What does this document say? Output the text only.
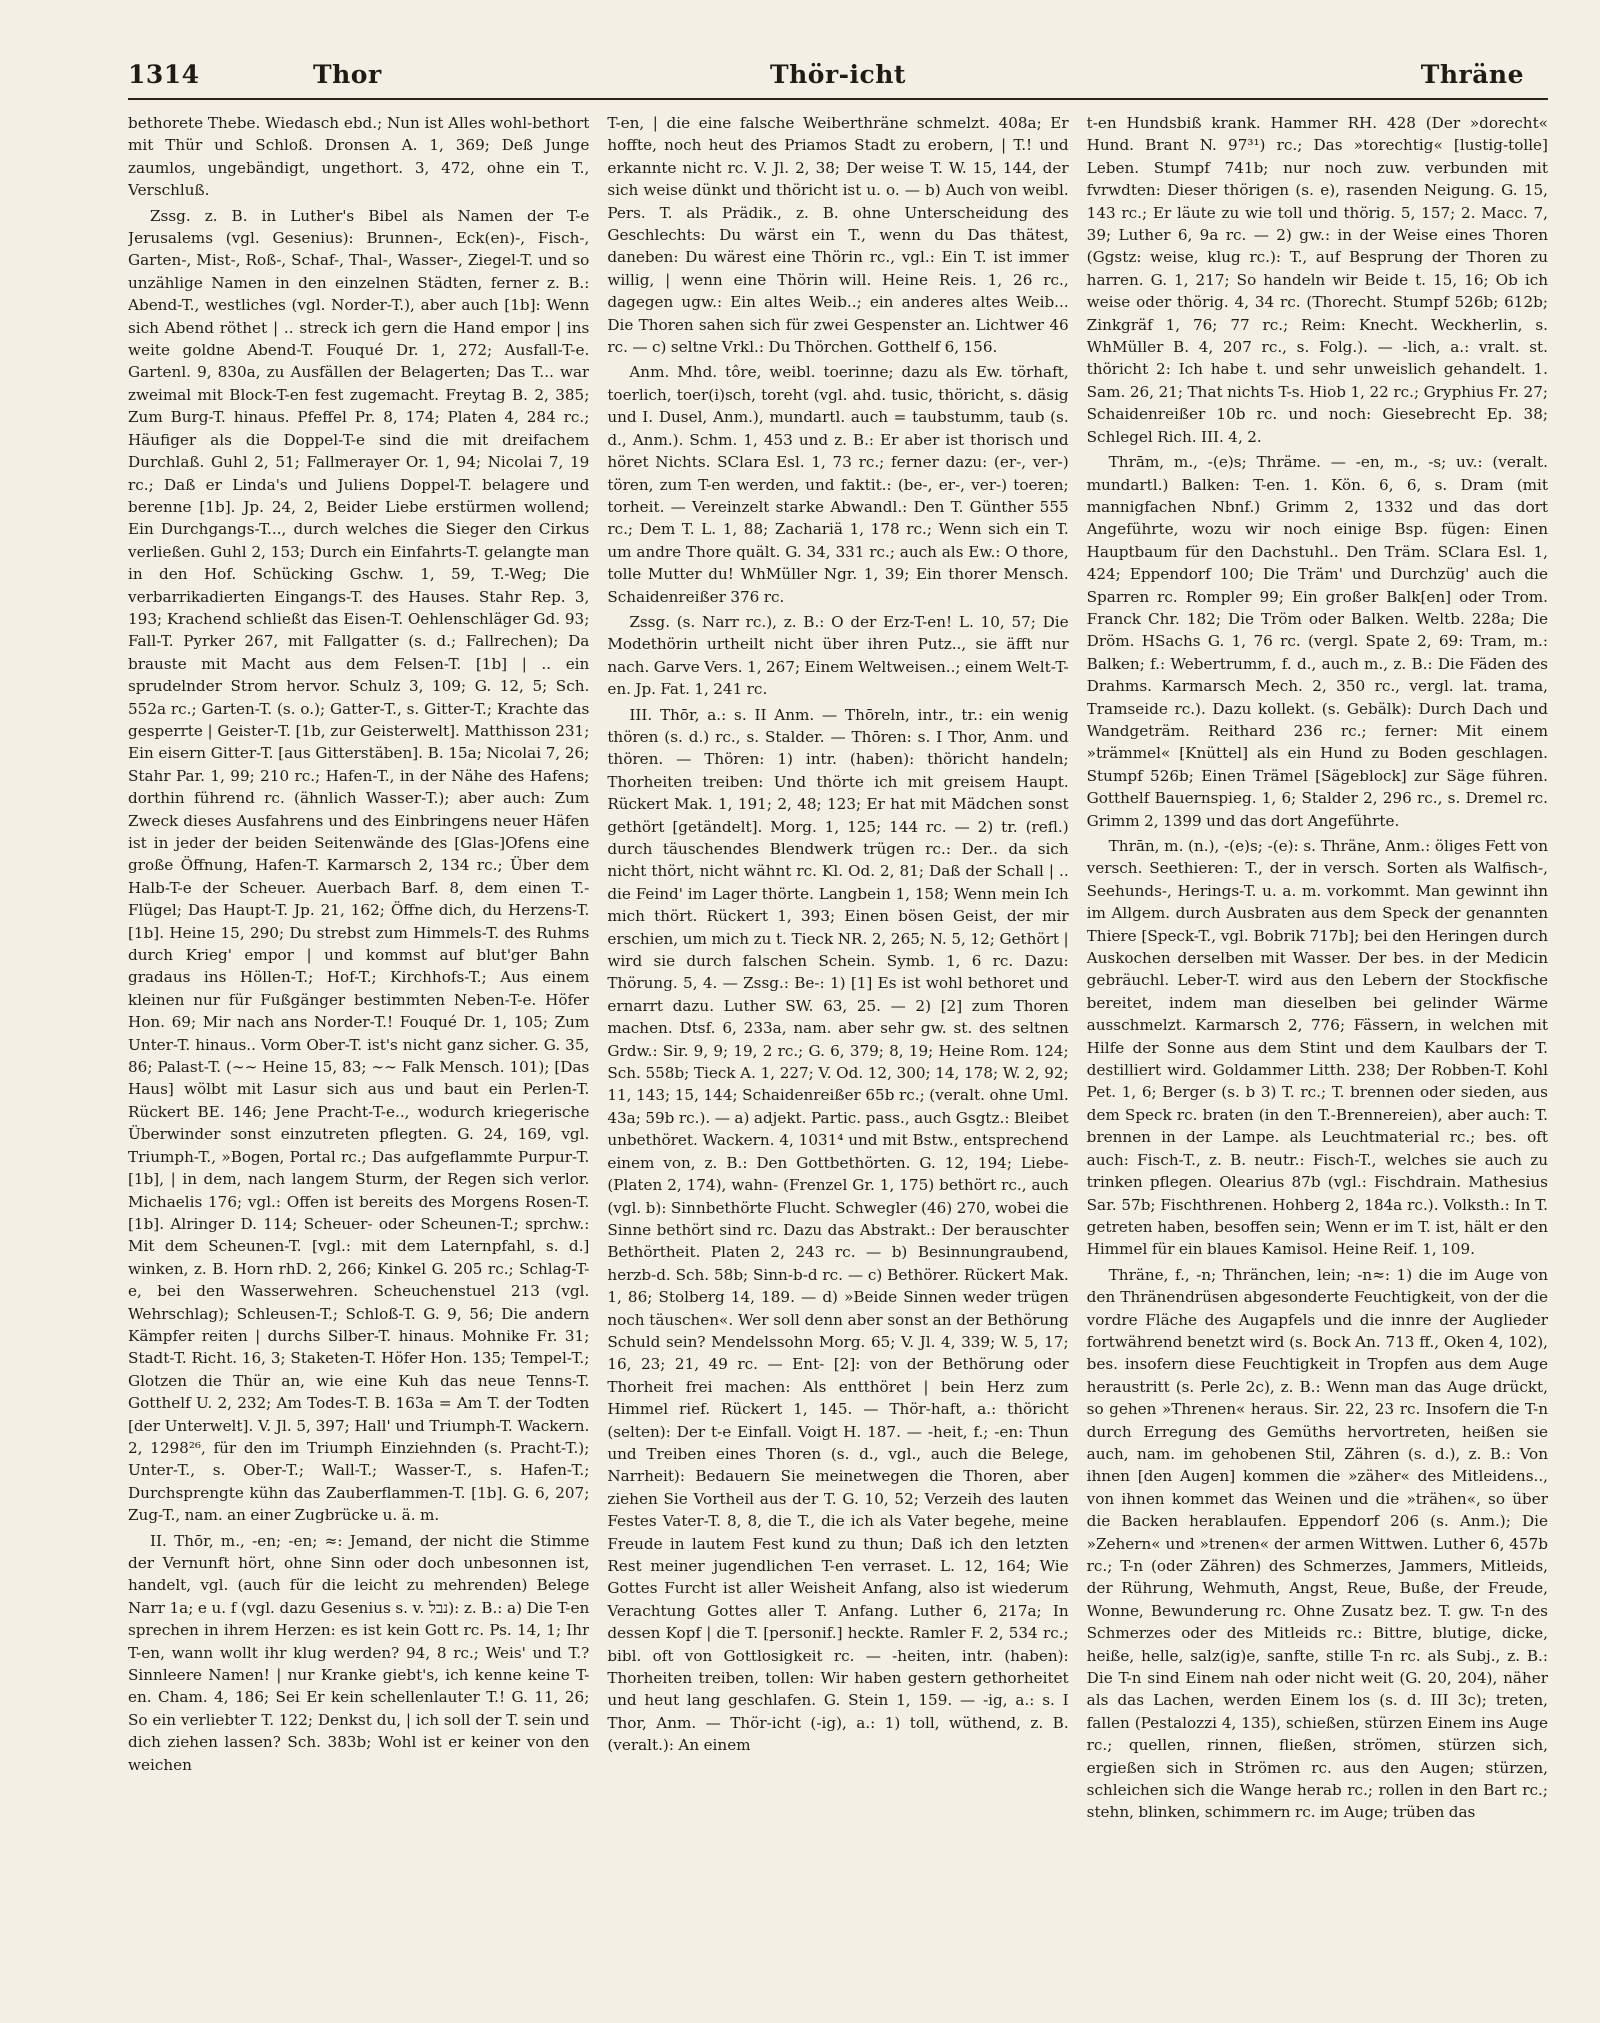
1314	Thor	Thör-icht	Thräne

bethorete Thebe. Wiedasch ebd.; Nun ist Alles wohl-bethort mit Thür und Schloß. Dronsen A. 1, 369; Deß Junge zaumlos, ungebändigt, ungethort. 3, 472, ohne ein T., Verschluß.

Zssg. z. B. in Luther's Bibel als Namen der T-e Jerusalems (vgl. Gesenius): Brunnen-, Eck(en)-, Fisch-, Garten-, Mist-, Roß-, Schaf-, Thal-, Wasser-, Ziegel-T. und so unzählige Namen in den einzelnen Städten, ferner z. B.: Abend-T., westliches (vgl. Norder-T.), aber auch [1b]: Wenn sich Abend röthet | .. streck ich gern die Hand empor | ins weite goldne Abend-T. Fouqué Dr. 1, 272; Ausfall-T-e. Gartenl. 9, 830a, zu Ausfällen der Belagerten; Das T... war zweimal mit Block-T-en fest zugemacht. Freytag B. 2, 385; Zum Burg-T. hinaus. Pfeffel Pr. 8, 174; Platen 4, 284 rc.; Häufiger als die Doppel-T-e sind die mit dreifachem Durchlaß. Guhl 2, 51; Fallmerayer Or. 1, 94; Nicolai 7, 19 rc.; Daß er Linda's und Juliens Doppel-T. belagere und berenne [1b]. Jp. 24, 2, Beider Liebe erstürmen wollend; Ein Durchgangs-T..., durch welches die Sieger den Cirkus verließen. Guhl 2, 153; Durch ein Einfahrts-T. gelangte man in den Hof. Schücking Gschw. 1, 59, T.-Weg; Die verbarrikadierten Eingangs-T. des Hauses. Stahr Rep. 3, 193; Krachend schließt das Eisen-T. Oehlenschläger Gd. 93; Fall-T. Pyrker 267, mit Fallgatter (s. d.; Fallrechen); Da brauste mit Macht aus dem Felsen-T. [1b] | .. ein sprudelnder Strom hervor. Schulz 3, 109; G. 12, 5; Sch. 552a rc.; Garten-T. (s. o.); Gatter-T., s. Gitter-T.; Krachte das gesperrte | Geister-T. [1b, zur Geisterwelt]. Matthisson 231; Ein eisern Gitter-T. [aus Gitterstäben]. B. 15a; Nicolai 7, 26; Stahr Par. 1, 99; 210 rc.; Hafen-T., in der Nähe des Hafens; dorthin führend rc. (ähnlich Wasser-T.); aber auch: Zum Zweck dieses Ausfahrens und des Einbringens neuer Häfen ist in jeder der beiden Seitenwände des [Glas-]Ofens eine große Öffnung, Hafen-T. Karmarsch 2, 134 rc.; Über dem Halb-T-e der Scheuer. Auerbach Barf. 8, dem einen T.-Flügel; Das Haupt-T. Jp. 21, 162; Öffne dich, du Herzens-T. [1b]. Heine 15, 290; Du strebst zum Himmels-T. des Ruhms durch Krieg' empor | und kommst auf blut'ger Bahn gradaus ins Höllen-T.; Hof-T.; Kirchhofs-T.; Aus einem kleinen nur für Fußgänger bestimmten Neben-T-e. Höfer Hon. 69; Mir nach ans Norder-T.! Fouqué Dr. 1, 105; Zum Unter-T. hinaus.. Vorm Ober-T. ist's nicht ganz sicher. G. 35, 86; Palast-T. (∼∼ Heine 15, 83; ∼∼ Falk Mensch. 101); [Das Haus] wölbt mit Lasur sich aus und baut ein Perlen-T. Rückert BE. 146; Jene Pracht-T-e.., wodurch kriegerische Überwinder sonst einzutreten pflegten. G. 24, 169, vgl. Triumph-T., »Bogen, Portal rc.; Das aufgeflammte Purpur-T. [1b], | in dem, nach langem Sturm, der Regen sich verlor. Michaelis 176; vgl.: Offen ist bereits des Morgens Rosen-T. [1b]. Alringer D. 114; Scheuer- oder Scheunen-T.; sprchw.: Mit dem Scheunen-T. [vgl.: mit dem Laternpfahl, s. d.] winken, z. B. Horn rhD. 2, 266; Kinkel G. 205 rc.; Schlag-T-e, bei den Wasserwehren. Scheuchenstuel 213 (vgl. Wehrschlag); Schleusen-T.; Schloß-T. G. 9, 56; Die andern Kämpfer reiten | durchs Silber-T. hinaus. Mohnike Fr. 31; Stadt-T. Richt. 16, 3; Staketen-T. Höfer Hon. 135; Tempel-T.; Glotzen die Thür an, wie eine Kuh das neue Tenns-T. Gotthelf U. 2, 232; Am Todes-T. B. 163a = Am T. der Todten [der Unterwelt]. V. Jl. 5, 397; Hall' und Triumph-T. Wackern. 2, 1298²⁶, für den im Triumph Einziehnden (s. Pracht-T.); Unter-T., s. Ober-T.; Wall-T.; Wasser-T., s. Hafen-T.; Durchsprengte kühn das Zauberflammen-T. [1b]. G. 6, 207; Zug-T., nam. an einer Zugbrücke u. ä. m.

II. Thōr, m., -en; -en; ≈: Jemand, der nicht die Stimme der Vernunft hört, ohne Sinn oder doch unbesonnen ist, handelt, vgl. (auch für die leicht zu mehrenden) Belege Narr 1a; e u. f (vgl. dazu Gesenius s. v. נבל): z. B.: a) Die T-en sprechen in ihrem Herzen: es ist kein Gott rc. Ps. 14, 1; Ihr T-en, wann wollt ihr klug werden? 94, 8 rc.; Weis' und T.? Sinnleere Namen! | nur Kranke giebt's, ich kenne keine T-en. Cham. 4, 186; Sei Er kein schellenlauter T.! G. 11, 26; So ein verliebter T. 122; Denkst du, | ich soll der T. sein und dich ziehen lassen? Sch. 383b; Wohl ist er keiner von den weichen

T-en, | die eine falsche Weiberthräne schmelzt. 408a; Er hoffte, noch heut des Priamos Stadt zu erobern, | T.! und erkannte nicht rc. V. Jl. 2, 38; Der weise T. W. 15, 144, der sich weise dünkt und thöricht ist u. o. — b) Auch von weibl. Pers. T. als Prädik., z. B. ohne Unterscheidung des Geschlechts: Du wärst ein T., wenn du Das thätest, daneben: Du wärest eine Thörin rc., vgl.: Ein T. ist immer willig, | wenn eine Thörin will. Heine Reis. 1, 26 rc., dagegen ugw.: Ein altes Weib..; ein anderes altes Weib... Die Thoren sahen sich für zwei Gespenster an. Lichtwer 46 rc. — c) seltne Vrkl.: Du Thörchen. Gotthelf 6, 156.

Anm. Mhd. tôre, weibl. toerinne; dazu als Ew. törhaft, toerlich, toer(i)sch, toreht (vgl. ahd. tusic, thöricht, s. däsig und I. Dusel, Anm.), mundartl. auch = taubstumm, taub (s. d., Anm.). Schm. 1, 453 und z. B.: Er aber ist thorisch und höret Nichts. SClara Esl. 1, 73 rc.; ferner dazu: (er-, ver-) tören, zum T-en werden, und faktit.: (be-, er-, ver-) toeren; torheit. — Vereinzelt starke Abwandl.: Den T. Günther 555 rc.; Dem T. L. 1, 88; Zachariä 1, 178 rc.; Wenn sich ein T. um andre Thore quält. G. 34, 331 rc.; auch als Ew.: O thore, tolle Mutter du! WhMüller Ngr. 1, 39; Ein thorer Mensch. Schaidenreißer 376 rc.

Zssg. (s. Narr rc.), z. B.: O der Erz-T-en! L. 10, 57; Die Modethörin urtheilt nicht über ihren Putz.., sie äfft nur nach. Garve Vers. 1, 267; Einem Weltweisen..; einem Welt-T-en. Jp. Fat. 1, 241 rc.

III. Thōr, a.: s. II Anm. — Thōreln, intr., tr.: ein wenig thören (s. d.) rc., s. Stalder. — Thōren: s. I Thor, Anm. und thören. — Thören: 1) intr. (haben): thöricht handeln; Thorheiten treiben: Und thörte ich mit greisem Haupt. Rückert Mak. 1, 191; 2, 48; 123; Er hat mit Mädchen sonst gethört [getändelt]. Morg. 1, 125; 144 rc. — 2) tr. (refl.) durch täuschendes Blendwerk trügen rc.: Der.. da sich nicht thört, nicht wähnt rc. Kl. Od. 2, 81; Daß der Schall | .. die Feind' im Lager thörte. Langbein 1, 158; Wenn mein Ich mich thört. Rückert 1, 393; Einen bösen Geist, der mir erschien, um mich zu t. Tieck NR. 2, 265; N. 5, 12; Gethört | wird sie durch falschen Schein. Symb. 1, 6 rc. Dazu: Thörung. 5, 4. — Zssg.: Be-: 1) [1] Es ist wohl bethoret und ernarrt dazu. Luther SW. 63, 25. — 2) [2] zum Thoren machen. Dtsf. 6, 233a, nam. aber sehr gw. st. des seltnen Grdw.: Sir. 9, 9; 19, 2 rc.; G. 6, 379; 8, 19; Heine Rom. 124; Sch. 558b; Tieck A. 1, 227; V. Od. 12, 300; 14, 178; W. 2, 92; 11, 143; 15, 144; Schaidenreißer 65b rc.; (veralt. ohne Uml. 43a; 59b rc.). — a) adjekt. Partic. pass., auch Gsgtz.: Bleibet unbethöret. Wackern. 4, 1031⁴ und mit Bstw., entsprechend einem von, z. B.: Den Gottbethörten. G. 12, 194; Liebe- (Platen 2, 174), wahn- (Frenzel Gr. 1, 175) bethört rc., auch (vgl. b): Sinnbethörte Flucht. Schwegler (46) 270, wobei die Sinne bethört sind rc. Dazu das Abstrakt.: Der berauschter Bethörtheit. Platen 2, 243 rc. — b) Besinnungraubend, herzb-d. Sch. 58b; Sinn-b-d rc. — c) Bethörer. Rückert Mak. 1, 86; Stolberg 14, 189. — d) »Beide Sinnen weder trügen noch täuschen«. Wer soll denn aber sonst an der Bethörung Schuld sein? Mendelssohn Morg. 65; V. Jl. 4, 339; W. 5, 17; 16, 23; 21, 49 rc. — Ent- [2]: von der Bethörung oder Thorheit frei machen: Als entthöret | bein Herz zum Himmel rief. Rückert 1, 145. — Thör-haft, a.: thöricht (selten): Der t-e Einfall. Voigt H. 187. — -heit, f.; -en: Thun und Treiben eines Thoren (s. d., vgl., auch die Belege, Narrheit): Bedauern Sie meinetwegen die Thoren, aber ziehen Sie Vortheil aus der T. G. 10, 52; Verzeih des lauten Festes Vater-T. 8, 8, die T., die ich als Vater begehe, meine Freude in lautem Fest kund zu thun; Daß ich den letzten Rest meiner jugendlichen T-en verraset. L. 12, 164; Wie Gottes Furcht ist aller Weisheit Anfang, also ist wiederum Verachtung Gottes aller T. Anfang. Luther 6, 217a; In dessen Kopf | die T. [personif.] heckte. Ramler F. 2, 534 rc.; bibl. oft von Gottlosigkeit rc. — -heiten, intr. (haben): Thorheiten treiben, tollen: Wir haben gestern gethorheitet und heut lang geschlafen. G. Stein 1, 159. — -ig, a.: s. I Thor, Anm. — Thör-icht (-ig), a.: 1) toll, wüthend, z. B. (veralt.): An einem

t-en Hundsbiß krank. Hammer RH. 428 (Der »dorecht« Hund. Brant N. 97³¹) rc.; Das »torechtig« [lustig-tolle] Leben. Stumpf 741b; nur noch zuw. verbunden mit fvrwdten: Dieser thörigen (s. e), rasenden Neigung. G. 15, 143 rc.; Er läute zu wie toll und thörig. 5, 157; 2. Macc. 7, 39; Luther 6, 9a rc. — 2) gw.: in der Weise eines Thoren (Ggstz: weise, klug rc.): T., auf Besprung der Thoren zu harren. G. 1, 217; So handeln wir Beide t. 15, 16; Ob ich weise oder thörig. 4, 34 rc. (Thorecht. Stumpf 526b; 612b; Zinkgräf 1, 76; 77 rc.; Reim: Knecht. Weckherlin, s. WhMüller B. 4, 207 rc., s. Folg.). — -lich, a.: vralt. st. thöricht 2: Ich habe t. und sehr unweislich gehandelt. 1. Sam. 26, 21; That nichts T-s. Hiob 1, 22 rc.; Gryphius Fr. 27; Schaidenreißer 10b rc. und noch: Giesebrecht Ep. 38; Schlegel Rich. III. 4, 2.

Thrām, m., -(e)s; Thräme. — -en, m., -s; uv.: (veralt. mundartl.) Balken: T-en. 1. Kön. 6, 6, s. Dram (mit mannigfachen Nbnf.) Grimm 2, 1332 und das dort Angeführte, wozu wir noch einige Bsp. fügen: Einen Hauptbaum für den Dachstuhl.. Den Träm. SClara Esl. 1, 424; Eppendorf 100; Die Träm' und Durchzüg' auch die Sparren rc. Rompler 99; Ein großer Balk[en] oder Trom. Franck Chr. 182; Die Tröm oder Balken. Weltb. 228a; Die Dröm. HSachs G. 1, 76 rc. (vergl. Spate 2, 69: Tram, m.: Balken; f.: Webertrumm, f. d., auch m., z. B.: Die Fäden des Drahms. Karmarsch Mech. 2, 350 rc., vergl. lat. trama, Tramseide rc.). Dazu kollekt. (s. Gebälk): Durch Dach und Wandgeträm. Reithard 236 rc.; ferner: Mit einem »trämmel« [Knüttel] als ein Hund zu Boden geschlagen. Stumpf 526b; Einen Trämel [Sägeblock] zur Säge führen. Gotthelf Bauernspieg. 1, 6; Stalder 2, 296 rc., s. Dremel rc. Grimm 2, 1399 und das dort Angeführte.

Thrān, m. (n.), -(e)s; -(e): s. Thräne, Anm.: öliges Fett von versch. Seethieren: T., der in versch. Sorten als Walfisch-, Seehunds-, Herings-T. u. a. m. vorkommt. Man gewinnt ihn im Allgem. durch Ausbraten aus dem Speck der genannten Thiere [Speck-T., vgl. Bobrik 717b]; bei den Heringen durch Auskochen derselben mit Wasser. Der bes. in der Medicin gebräuchl. Leber-T. wird aus den Lebern der Stockfische bereitet, indem man dieselben bei gelinder Wärme ausschmelzt. Karmarsch 2, 776; Fässern, in welchen mit Hilfe der Sonne aus dem Stint und dem Kaulbars der T. destilliert wird. Goldammer Litth. 238; Der Robben-T. Kohl Pet. 1, 6; Berger (s. b 3) T. rc.; T. brennen oder sieden, aus dem Speck rc. braten (in den T.-Brennereien), aber auch: T. brennen in der Lampe. als Leuchtmaterial rc.; bes. oft auch: Fisch-T., z. B. neutr.: Fisch-T., welches sie auch zu trinken pflegen. Olearius 87b (vgl.: Fischdrain. Mathesius Sar. 57b; Fischthrenen. Hohberg 2, 184a rc.). Volksth.: In T. getreten haben, besoffen sein; Wenn er im T. ist, hält er den Himmel für ein blaues Kamisol. Heine Reif. 1, 109.

Thräne, f., -n; Thränchen, lein; -n≈: 1) die im Auge von den Thränendrüsen abgesonderte Feuchtigkeit, von der die vordre Fläche des Augapfels und die innre der Auglieder fortwährend benetzt wird (s. Bock An. 713 ff., Oken 4, 102), bes. insofern diese Feuchtigkeit in Tropfen aus dem Auge heraustritt (s. Perle 2c), z. B.: Wenn man das Auge drückt, so gehen »Threnen« heraus. Sir. 22, 23 rc. Insofern die T-n durch Erregung des Gemüths hervortreten, heißen sie auch, nam. im gehobenen Stil, Zähren (s. d.), z. B.: Von ihnen [den Augen] kommen die »zäher« des Mitleidens.., von ihnen kommet das Weinen und die »trähen«, so über die Backen herablaufen. Eppendorf 206 (s. Anm.); Die »Zehern« und »trenen« der armen Wittwen. Luther 6, 457b rc.; T-n (oder Zähren) des Schmerzes, Jammers, Mitleids, der Rührung, Wehmuth, Angst, Reue, Buße, der Freude, Wonne, Bewunderung rc. Ohne Zusatz bez. T. gw. T-n des Schmerzes oder des Mitleids rc.: Bittre, blutige, dicke, heiße, helle, salz(ig)e, sanfte, stille T-n rc. als Subj., z. B.: Die T-n sind Einem nah oder nicht weit (G. 20, 204), näher als das Lachen, werden Einem los (s. d. III 3c); treten, fallen (Pestalozzi 4, 135), schießen, stürzen Einem ins Auge rc.; quellen, rinnen, fließen, strömen, stürzen sich, ergießen sich in Strömen rc. aus den Augen; stürzen, schleichen sich die Wange herab rc.; rollen in den Bart rc.; stehn, blinken, schimmern rc. im Auge; trüben das
